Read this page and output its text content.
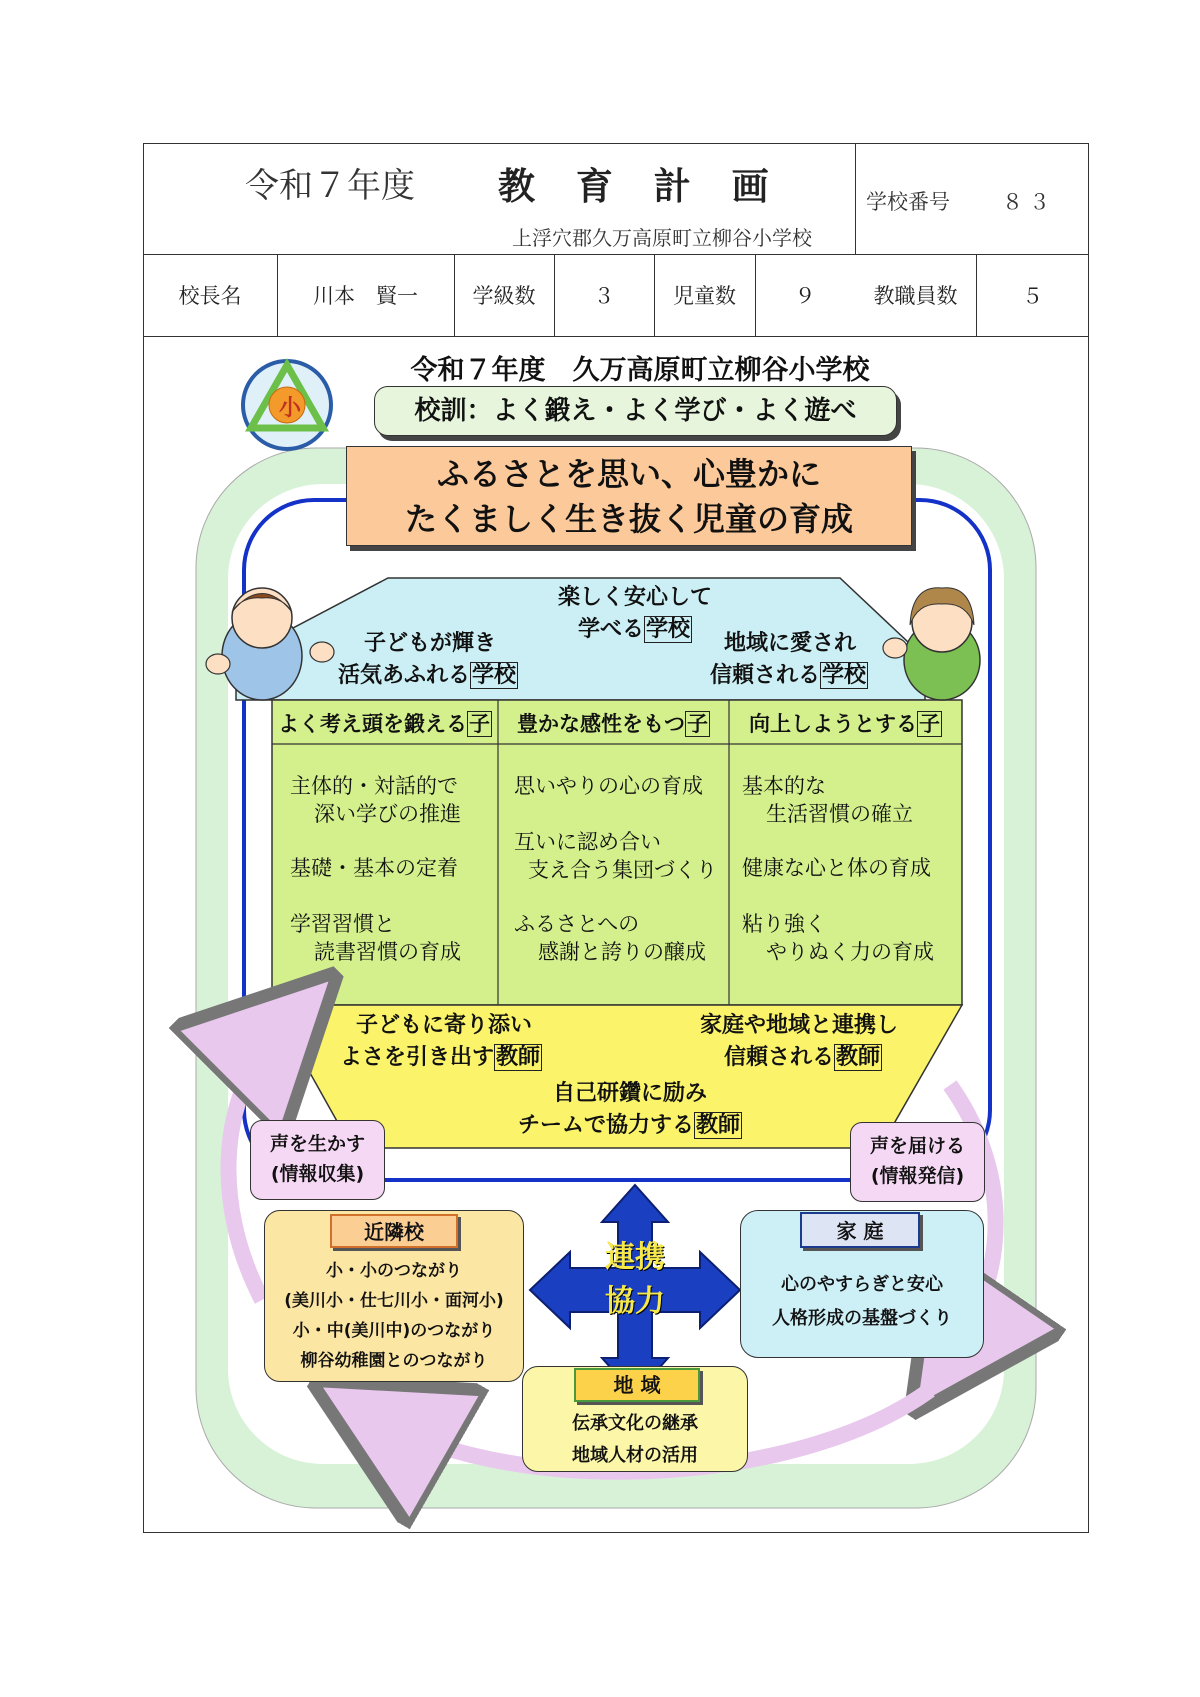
令和７年度 教 育 計 画
上浮穴郡久万高原町立柳谷小学校
学校番号 ８３
校長名	川本　賢一	学級数	３	児童数	９	教職員数	５
令和７年度　久万高原町立柳谷小学校
小	校訓：よく鍛え・よく学び・よく遊べ
ふるさとを思い、心豊かに
たくましく生き抜く児童の育成
楽しく安心して
学べる学校
子どもが輝き
活気あふれる学校
地域に愛され
信頼される学校
よく考え頭を鍛える子	豊かな感性をもつ子	向上しようとする子
主体的・対話的で
深い学びの推進
基礎・基本の定着
学習習慣と
読書習慣の育成
思いやりの心の育成
互いに認め合い
支え合う集団づくり
ふるさとへの
感謝と誇りの醸成
基本的な
生活習慣の確立
健康な心と体の育成
粘り強く
やりぬく力の育成
子どもに寄り添い
よさを引き出す教師
家庭や地域と連携し
信頼される教師
自己研鑽に励み
チームで協力する教師
声を生かす
(情報収集)
声を届ける
(情報発信)
近隣校
小・小のつながり
(美川小・仕七川小・面河小)
小・中(美川中)のつながり
柳谷幼稚園とのつながり
家 庭
心のやすらぎと安心
人格形成の基盤づくり
地 域
伝承文化の継承
地域人材の活用
連携
協力
